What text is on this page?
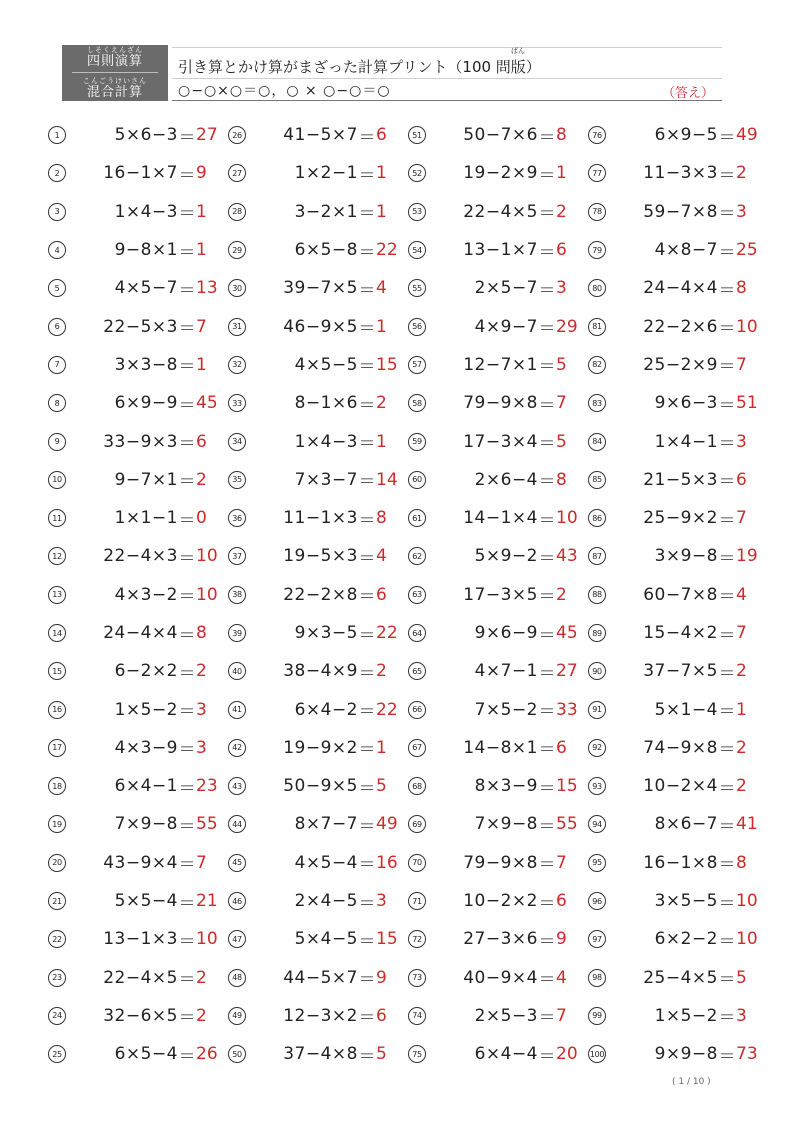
しそくえんざん
四則演算
こんごうけいさん
混合計算
ばん
引き算とかけ算がまざった計算プリント（100 問版）
○−○×○＝○，○ × ○−○＝○	（答え）
1	5×6−3 ＝ 27
2	16−1×7 ＝ 9
3	1×4−3 ＝ 1
4	9−8×1 ＝ 1
5	4×5−7 ＝ 13
6	22−5×3 ＝ 7
7	3×3−8 ＝ 1
8	6×9−9 ＝ 45
9	33−9×3 ＝ 6
10	9−7×1 ＝ 2
11	1×1−1 ＝ 0
12	22−4×3 ＝ 10
13	4×3−2 ＝ 10
14	24−4×4 ＝ 8
15	6−2×2 ＝ 2
16	1×5−2 ＝ 3
17	4×3−9 ＝ 3
18	6×4−1 ＝ 23
19	7×9−8 ＝ 55
20	43−9×4 ＝ 7
21	5×5−4 ＝ 21
22	13−1×3 ＝ 10
23	22−4×5 ＝ 2
24	32−6×5 ＝ 2
25	6×5−4 ＝ 26
26	41−5×7 ＝ 6
27	1×2−1 ＝ 1
28	3−2×1 ＝ 1
29	6×5−8 ＝ 22
30	39−7×5 ＝ 4
31	46−9×5 ＝ 1
32	4×5−5 ＝ 15
33	8−1×6 ＝ 2
34	1×4−3 ＝ 1
35	7×3−7 ＝ 14
36	11−1×3 ＝ 8
37	19−5×3 ＝ 4
38	22−2×8 ＝ 6
39	9×3−5 ＝ 22
40	38−4×9 ＝ 2
41	6×4−2 ＝ 22
42	19−9×2 ＝ 1
43	50−9×5 ＝ 5
44	8×7−7 ＝ 49
45	4×5−4 ＝ 16
46	2×4−5 ＝ 3
47	5×4−5 ＝ 15
48	44−5×7 ＝ 9
49	12−3×2 ＝ 6
50	37−4×8 ＝ 5
51	50−7×6 ＝ 8
52	19−2×9 ＝ 1
53	22−4×5 ＝ 2
54	13−1×7 ＝ 6
55	2×5−7 ＝ 3
56	4×9−7 ＝ 29
57	12−7×1 ＝ 5
58	79−9×8 ＝ 7
59	17−3×4 ＝ 5
60	2×6−4 ＝ 8
61	14−1×4 ＝ 10
62	5×9−2 ＝ 43
63	17−3×5 ＝ 2
64	9×6−9 ＝ 45
65	4×7−1 ＝ 27
66	7×5−2 ＝ 33
67	14−8×1 ＝ 6
68	8×3−9 ＝ 15
69	7×9−8 ＝ 55
70	79−9×8 ＝ 7
71	10−2×2 ＝ 6
72	27−3×6 ＝ 9
73	40−9×4 ＝ 4
74	2×5−3 ＝ 7
75	6×4−4 ＝ 20
76	6×9−5 ＝ 49
77	11−3×3 ＝ 2
78	59−7×8 ＝ 3
79	4×8−7 ＝ 25
80	24−4×4 ＝ 8
81	22−2×6 ＝ 10
82	25−2×9 ＝ 7
83	9×6−3 ＝ 51
84	1×4−1 ＝ 3
85	21−5×3 ＝ 6
86	25−9×2 ＝ 7
87	3×9−8 ＝ 19
88	60−7×8 ＝ 4
89	15−4×2 ＝ 7
90	37−7×5 ＝ 2
91	5×1−4 ＝ 1
92	74−9×8 ＝ 2
93	10−2×4 ＝ 2
94	8×6−7 ＝ 41
95	16−1×8 ＝ 8
96	3×5−5 ＝ 10
97	6×2−2 ＝ 10
98	25−4×5 ＝ 5
99	1×5−2 ＝ 3
100	9×9−8 ＝ 73
( 1 / 10 )
